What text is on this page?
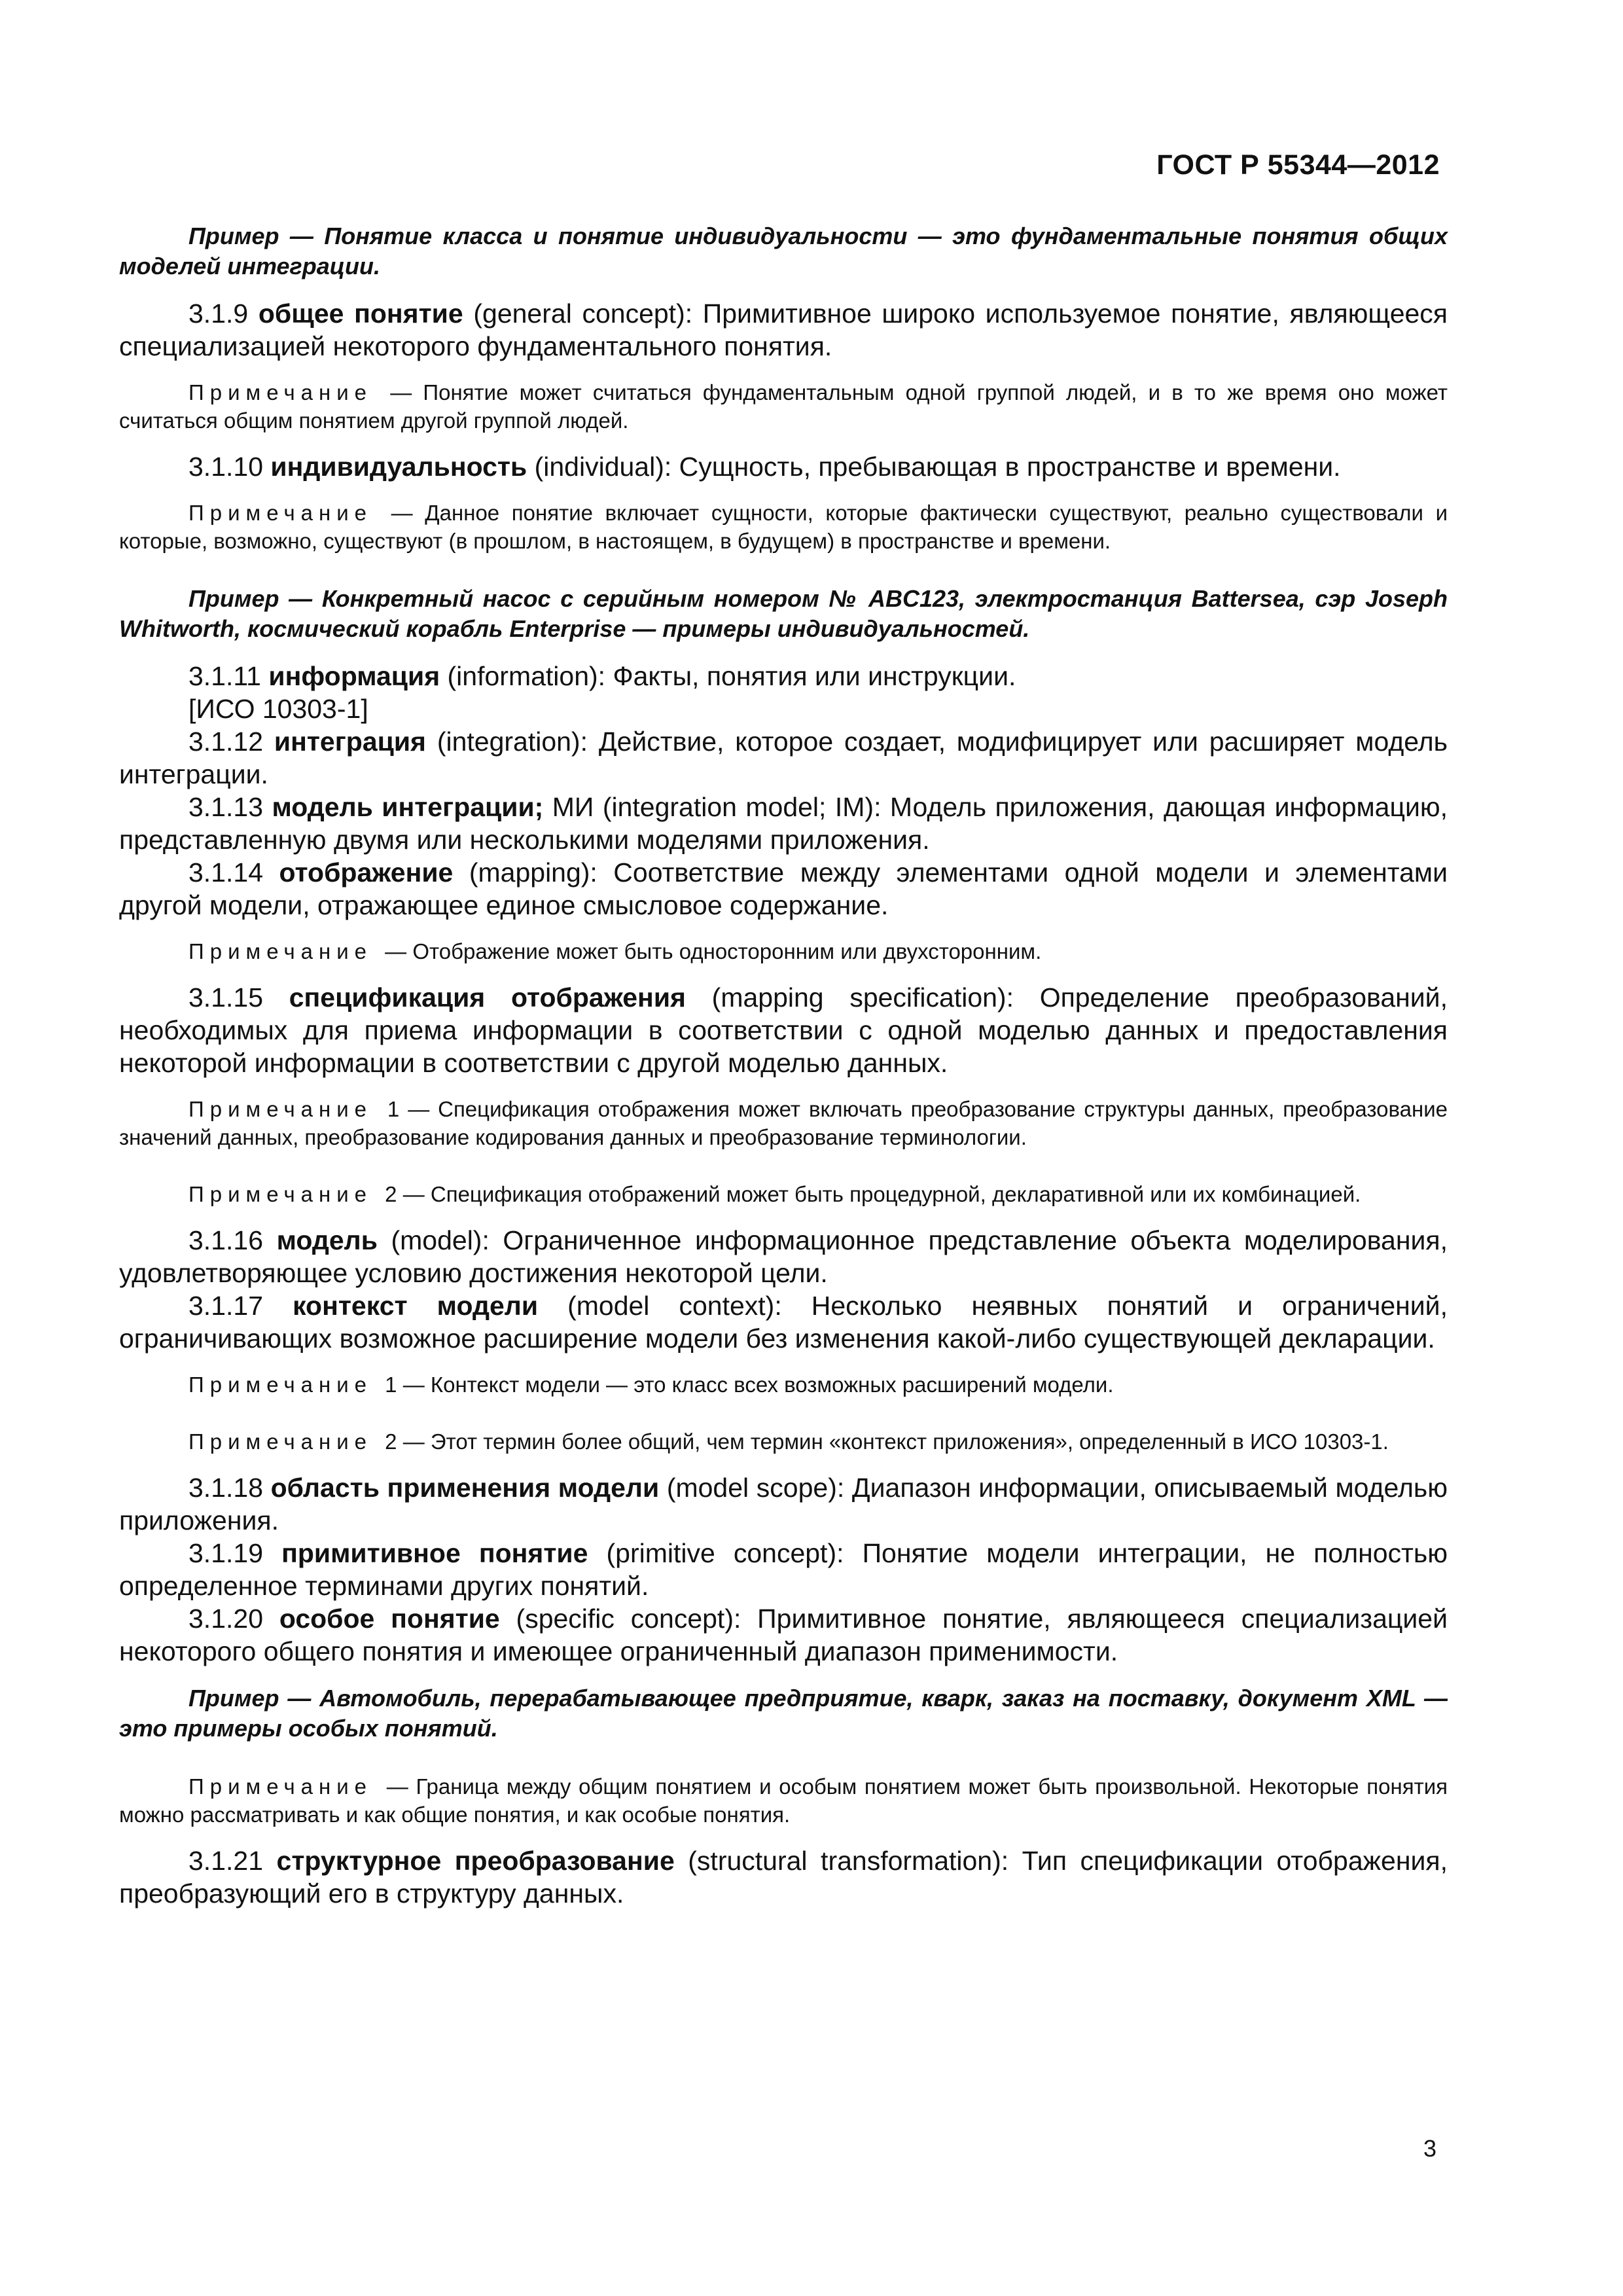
ГОСТ Р 55344—2012

Пример — Понятие класса и понятие индивидуальности — это фундаментальные понятия общих моделей интеграции.

3.1.9 общее понятие (general concept): Примитивное широко используемое понятие, являющееся специализацией некоторого фундаментального понятия.

Примечание — Понятие может считаться фундаментальным одной группой людей, и в то же время оно может считаться общим понятием другой группой людей.

3.1.10 индивидуальность (individual): Сущность, пребывающая в пространстве и времени.

Примечание — Данное понятие включает сущности, которые фактически существуют, реально существовали и которые, возможно, существуют (в прошлом, в настоящем, в будущем) в пространстве и времени.

Пример — Конкретный насос с серийным номером № ABC123, электростанция Battersea, сэр Joseph Whitworth, космический корабль Enterprise — примеры индивидуальностей.

3.1.11 информация (information): Факты, понятия или инструкции.

[ИСО 10303-1]

3.1.12 интеграция (integration): Действие, которое создает, модифицирует или расширяет модель интеграции.

3.1.13 модель интеграции; МИ (integration model; IM): Модель приложения, дающая информацию, представленную двумя или несколькими моделями приложения.

3.1.14 отображение (mapping): Соответствие между элементами одной модели и элементами другой модели, отражающее единое смысловое содержание.

Примечание — Отображение может быть односторонним или двухсторонним.

3.1.15 спецификация отображения (mapping specification): Определение преобразований, необходимых для приема информации в соответствии с одной моделью данных и предоставления некоторой информации в соответствии с другой моделью данных.

Примечание 1 — Спецификация отображения может включать преобразование структуры данных, преобразование значений данных, преобразование кодирования данных и преобразование терминологии.

Примечание 2 — Спецификация отображений может быть процедурной, декларативной или их комбинацией.

3.1.16 модель (model): Ограниченное информационное представление объекта моделирования, удовлетворяющее условию достижения некоторой цели.

3.1.17 контекст модели (model context): Несколько неявных понятий и ограничений, ограничивающих возможное расширение модели без изменения какой-либо существующей декларации.

Примечание 1 — Контекст модели — это класс всех возможных расширений модели.

Примечание 2 — Этот термин более общий, чем термин «контекст приложения», определенный в ИСО 10303-1.

3.1.18 область применения модели (model scope): Диапазон информации, описываемый моделью приложения.

3.1.19 примитивное понятие (primitive concept): Понятие модели интеграции, не полностью определенное терминами других понятий.

3.1.20 особое понятие (specific concept): Примитивное понятие, являющееся специализацией некоторого общего понятия и имеющее ограниченный диапазон применимости.

Пример — Автомобиль, перерабатывающее предприятие, кварк, заказ на поставку, документ XML — это примеры особых понятий.

Примечание — Граница между общим понятием и особым понятием может быть произвольной. Некоторые понятия можно рассматривать и как общие понятия, и как особые понятия.

3.1.21 структурное преобразование (structural transformation): Тип спецификации отображения, преобразующий его в структуру данных.

3
